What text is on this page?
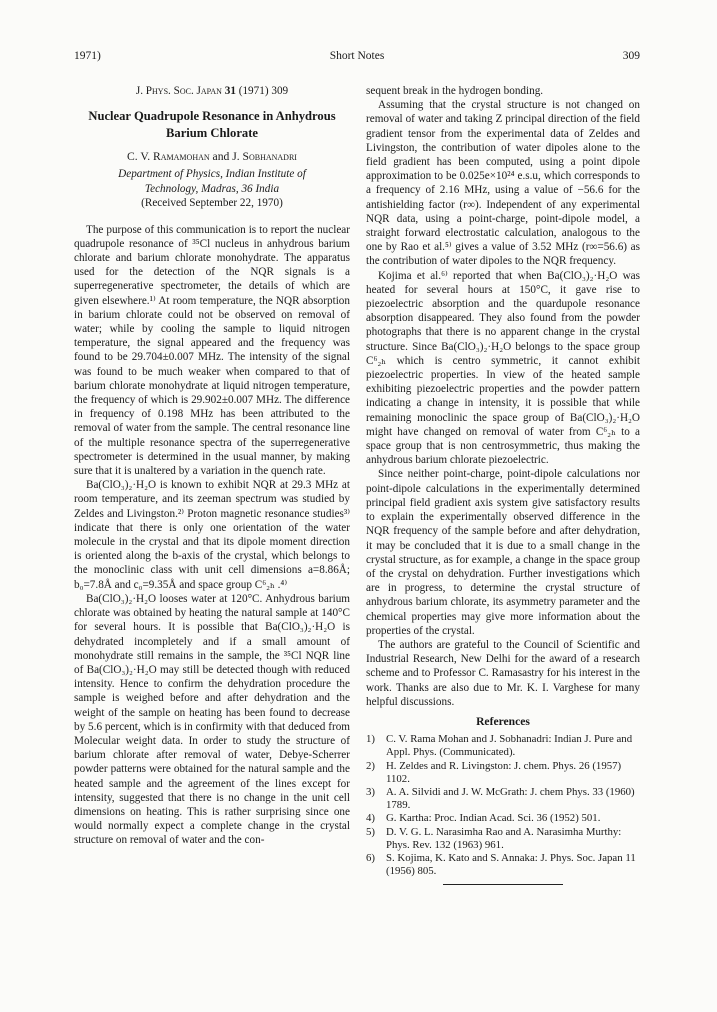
1971)	Short Notes	309
J. Phys. Soc. Japan 31 (1971) 309
Nuclear Quadrupole Resonance in Anhydrous Barium Chlorate
C. V. Ramamohan and J. Sobhanadri
Department of Physics, Indian Institute of
Technology, Madras, 36 India
(Received September 22, 1970)

The purpose of this communication is to report the nuclear quadrupole resonance of ³⁵Cl nucleus in anhydrous barium chlorate and barium chlorate monohydrate. The apparatus used for the detection of the NQR signals is a superregenerative spectrometer, the details of which are given elsewhere.¹⁾ At room temperature, the NQR absorption in barium chlorate could not be observed on removal of water; while by cooling the sample to liquid nitrogen temperature, the signal appeared and the frequency was found to be 29.704±0.007 MHz. The intensity of the signal was found to be much weaker when compared to that of barium chlorate monohydrate at liquid nitrogen temperature, the frequency of which is 29.902±0.007 MHz. The difference in frequency of 0.198 MHz has been attributed to the removal of water from the sample. The central resonance line of the multiple resonance spectra of the superregenerative spectrometer is determined in the usual manner, by making sure that it is unaltered by a variation in the quench rate.

Ba(ClO₃)₂·H₂O is known to exhibit NQR at 29.3 MHz at room temperature, and its zeeman spectrum was studied by Zeldes and Livingston.²⁾ Proton magnetic resonance studies³⁾ indicate that there is only one orientation of the water molecule in the crystal and that its dipole moment direction is oriented along the b-axis of the crystal, which belongs to the monoclinic class with unit cell dimensions a=8.86Å; b₀=7.8Å and c₀=9.35Å and space group C⁶₂ₕ .⁴⁾

Ba(ClO₃)₂·H₂O looses water at 120°C. Anhydrous barium chlorate was obtained by heating the natural sample at 140°C for several hours. It is possible that Ba(ClO₃)₂·H₂O is dehydrated incompletely and if a small amount of monohydrate still remains in the sample, the ³⁵Cl NQR line of Ba(ClO₃)₂·H₂O may still be detected though with reduced intensity. Hence to confirm the dehydration procedure the sample is weighed before and after dehydration and the weight of the sample on heating has been found to decrease by 5.6 percent, which is in confirmity with that deduced from Molecular weight data. In order to study the structure of barium chlorate after removal of water, Debye-Scherrer powder patterns were obtained for the natural sample and the heated sample and the agreement of the lines except for intensity, suggested that there is no change in the unit cell dimensions on heating. This is rather surprising since one would normally expect a complete change in the crystal structure on removal of water and the con-

sequent break in the hydrogen bonding.

Assuming that the crystal structure is not changed on removal of water and taking Z principal direction of the field gradient tensor from the experimental data of Zeldes and Livingston, the contribution of water dipoles alone to the field gradient has been computed, using a point dipole approximation to be 0.025e×10²⁴ e.s.u, which corresponds to a frequency of 2.16 MHz, using a value of −56.6 for the antishielding factor (r∞). Independent of any experimental NQR data, using a point-charge, point-dipole model, a straight forward electrostatic calculation, analogous to the one by Rao et al.⁵⁾ gives a value of 3.52 MHz (r∞=56.6) as the contribution of water dipoles to the NQR frequency.

Kojima et al.⁶⁾ reported that when Ba(ClO₃)₂·H₂O was heated for several hours at 150°C, it gave rise to piezoelectric absorption and the quardupole resonance absorption disappeared. They also found from the powder photographs that there is no apparent change in the crystal structure. Since Ba(ClO₃)₂·H₂O belongs to the space group C⁶₂ₕ which is centro symmetric, it cannot exhibit piezoelectric properties. In view of the heated sample exhibiting piezoelectric properties and the powder pattern indicating a change in intensity, it is possible that while remaining monoclinic the space group of Ba(ClO₃)₂·H₂O might have changed on removal of water from C⁶₂ₕ to a space group that is non centrosymmetric, thus making the anhydrous barium chlorate piezoelectric.

Since neither point-charge, point-dipole calculations nor point-dipole calculations in the experimentally determined principal field gradient axis system give satisfactory results to explain the experimentally observed difference in the NQR frequency of the sample before and after dehydration, it may be concluded that it is due to a small change in the crystal structure, as for example, a change in the space group of the crystal on dehydration. Further investigations which are in progress, to determine the crystal structure of anhydrous barium chlorate, its asymmetry parameter and the chemical properties may give more information about the properties of the crystal.

The authors are grateful to the Council of Scientific and Industrial Research, New Delhi for the award of a research scheme and to Professor C. Ramasastry for his interest in the work. Thanks are also due to Mr. K. I. Varghese for many helpful discussions.

References
1)	C. V. Rama Mohan and J. Sobhanadri: Indian J. Pure and Appl. Phys. (Communicated).
2)	H. Zeldes and R. Livingston: J. chem. Phys. 26 (1957) 1102.
3)	A. A. Silvidi and J. W. McGrath: J. chem Phys. 33 (1960) 1789.
4)	G. Kartha: Proc. Indian Acad. Sci. 36 (1952) 501.
5)	D. V. G. L. Narasimha Rao and A. Narasimha Murthy: Phys. Rev. 132 (1963) 961.
6)	S. Kojima, K. Kato and S. Annaka: J. Phys. Soc. Japan 11 (1956) 805.
